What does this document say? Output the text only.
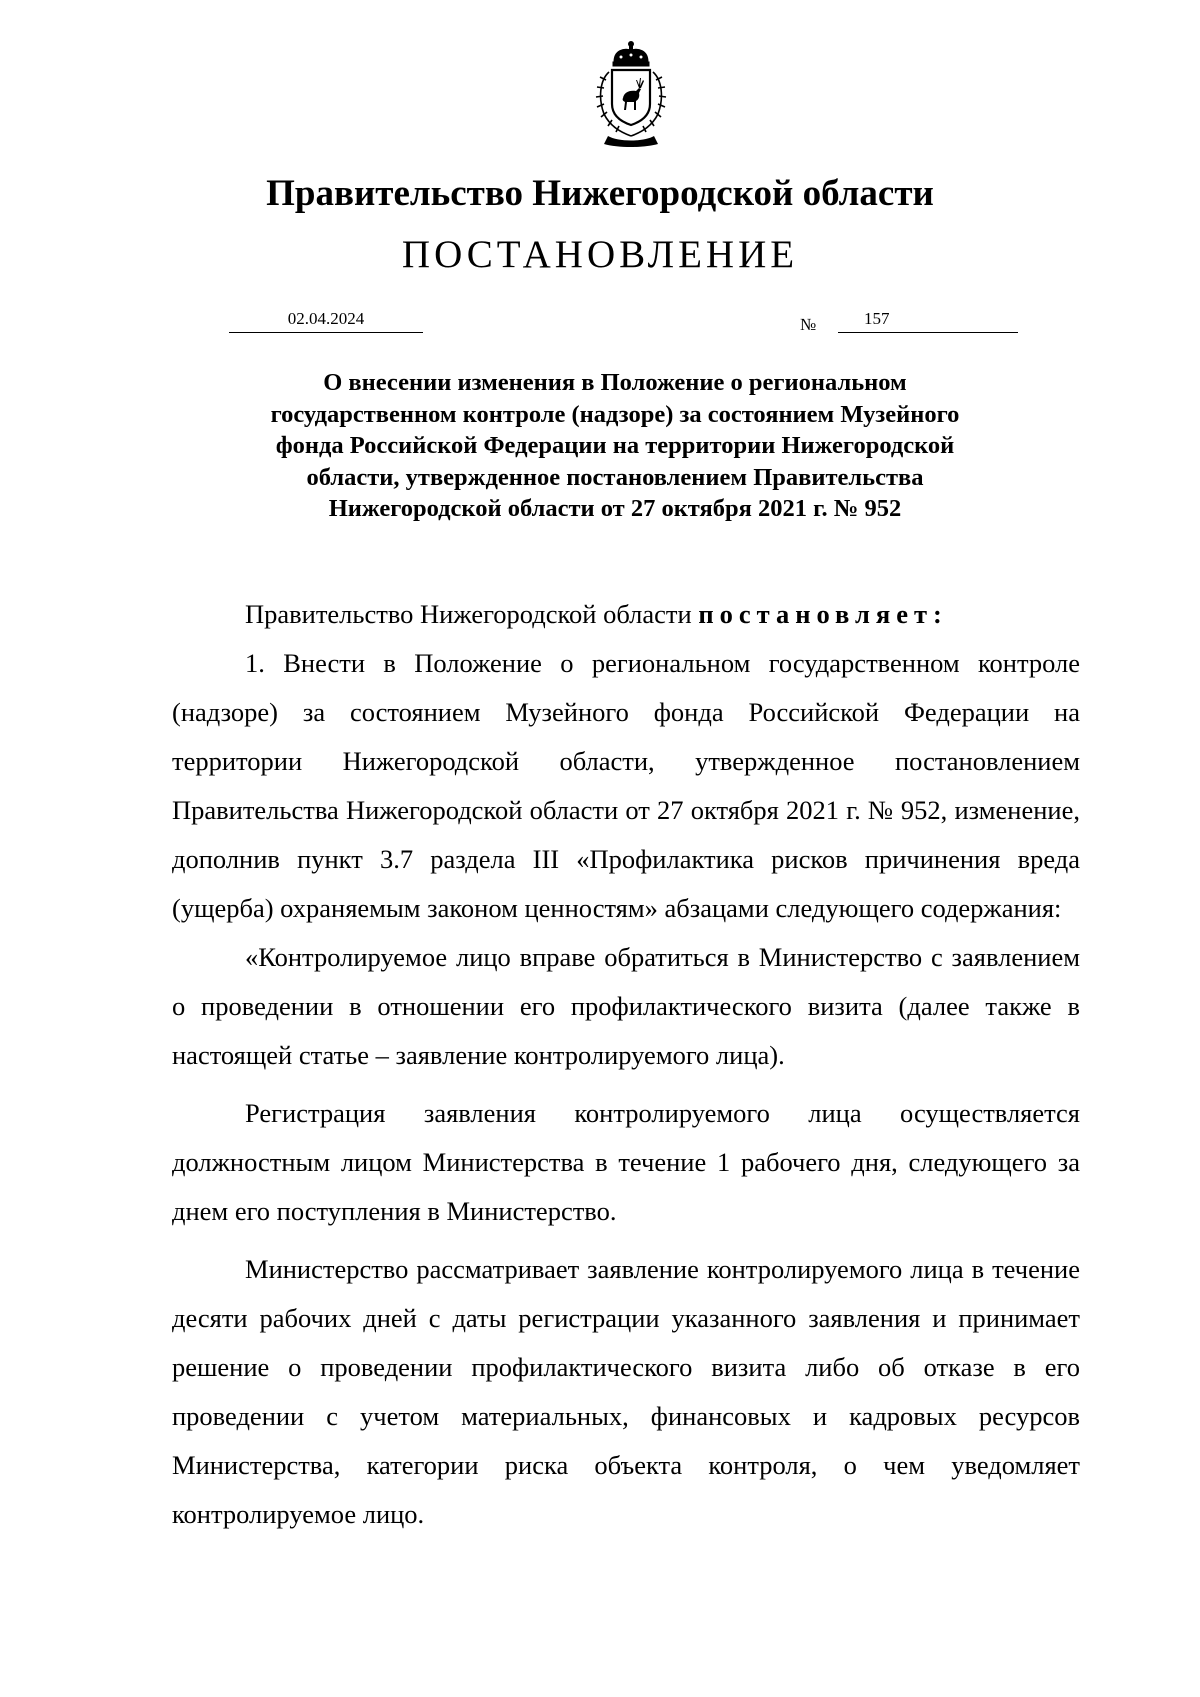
Правительство Нижегородской области
ПОСТАНОВЛЕНИЕ
02.04.2024	№	157
О внесении изменения в Положение о региональном
государственном контроле (надзоре) за состоянием Музейного
фонда Российской Федерации на территории Нижегородской
области, утвержденное постановлением Правительства
Нижегородской области от 27 октября 2021 г. № 952

Правительство Нижегородской области постановляет:

1. Внести в Положение о региональном государственном контроле (надзоре) за состоянием Музейного фонда Российской Федерации на территории Нижегородской области, утвержденное постановлением Правительства Нижегородской области от 27 октября 2021 г. № 952, изменение, дополнив пункт 3.7 раздела III «Профилактика рисков причинения вреда (ущерба) охраняемым законом ценностям» абзацами следующего содержания:

«Контролируемое лицо вправе обратиться в Министерство с заявлением о проведении в отношении его профилактического визита (далее также в настоящей статье – заявление контролируемого лица).

Регистрация заявления контролируемого лица осуществляется должностным лицом Министерства в течение 1 рабочего дня, следующего за днем его поступления в Министерство.

Министерство рассматривает заявление контролируемого лица в течение десяти рабочих дней с даты регистрации указанного заявления и принимает решение о проведении профилактического визита либо об отказе в его проведении с учетом материальных, финансовых и кадровых ресурсов Министерства, категории риска объекта контроля, о чем уведомляет контролируемое лицо.
